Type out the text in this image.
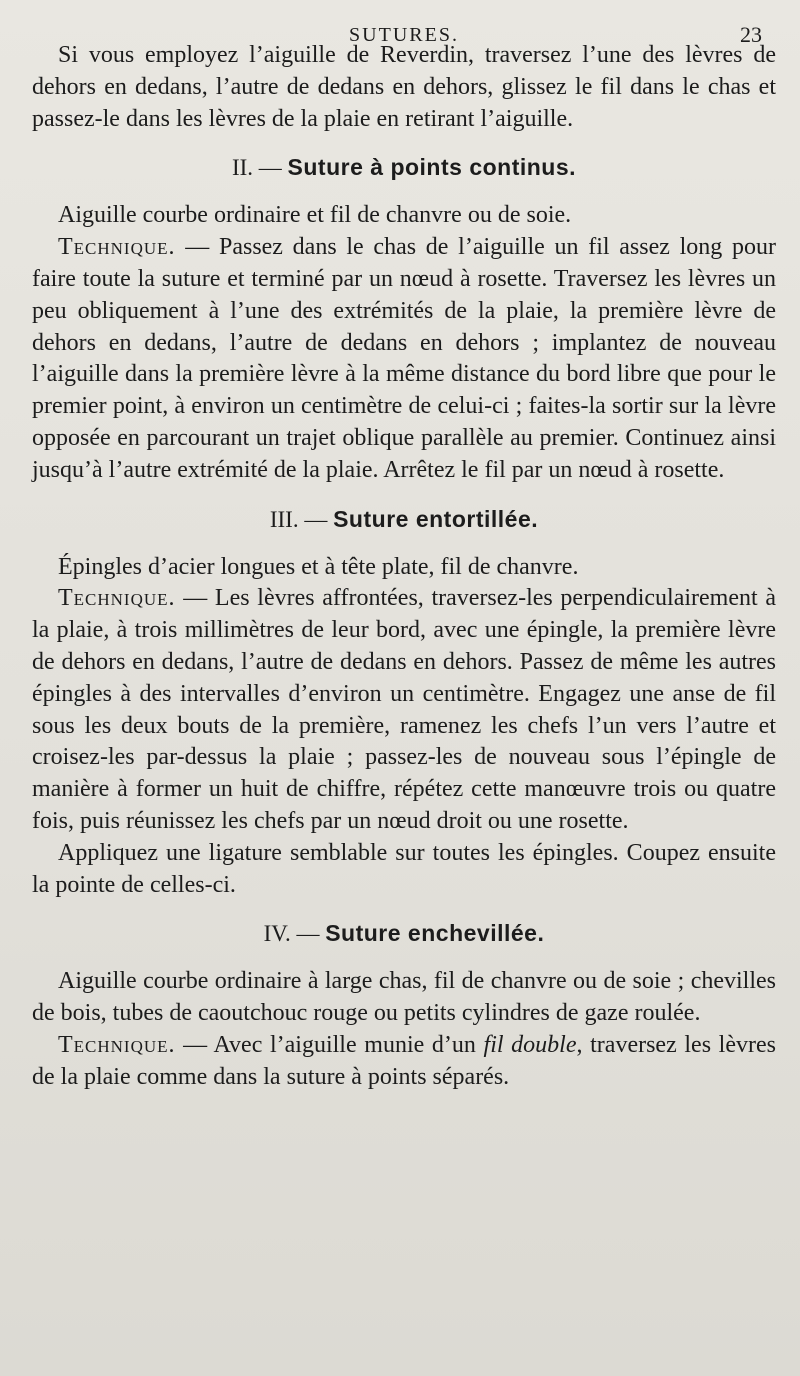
SUTURES.	23

Si vous employez l’aiguille de Reverdin, traversez l’une des lèvres de dehors en dedans, l’autre de dedans en dehors, glissez le fil dans le chas et passez-le dans les lèvres de la plaie en retirant l’aiguille.

II. — Suture à points continus.

Aiguille courbe ordinaire et fil de chanvre ou de soie.

Technique. — Passez dans le chas de l’aiguille un fil assez long pour faire toute la suture et terminé par un nœud à rosette. Traversez les lèvres un peu obliquement à l’une des extrémités de la plaie, la première lèvre de dehors en dedans, l’autre de dedans en dehors ; implantez de nouveau l’aiguille dans la première lèvre à la même distance du bord libre que pour le premier point, à environ un centimètre de celui-ci ; faites-la sortir sur la lèvre opposée en parcourant un trajet oblique parallèle au premier. Continuez ainsi jusqu’à l’autre extrémité de la plaie. Arrêtez le fil par un nœud à rosette.

III. — Suture entortillée.

Épingles d’acier longues et à tête plate, fil de chanvre.

Technique. — Les lèvres affrontées, traversez-les perpendiculairement à la plaie, à trois millimètres de leur bord, avec une épingle, la première lèvre de dehors en dedans, l’autre de dedans en dehors. Passez de même les autres épingles à des intervalles d’environ un centimètre. Engagez une anse de fil sous les deux bouts de la première, ramenez les chefs l’un vers l’autre et croisez-les par-dessus la plaie ; passez-les de nouveau sous l’épingle de manière à former un huit de chiffre, répétez cette manœuvre trois ou quatre fois, puis réunissez les chefs par un nœud droit ou une rosette.

Appliquez une ligature semblable sur toutes les épingles. Coupez ensuite la pointe de celles-ci.

IV. — Suture enchevillée.

Aiguille courbe ordinaire à large chas, fil de chanvre ou de soie ; chevilles de bois, tubes de caoutchouc rouge ou petits cylindres de gaze roulée.

Technique. — Avec l’aiguille munie d’un fil double, traversez les lèvres de la plaie comme dans la suture à points séparés.
